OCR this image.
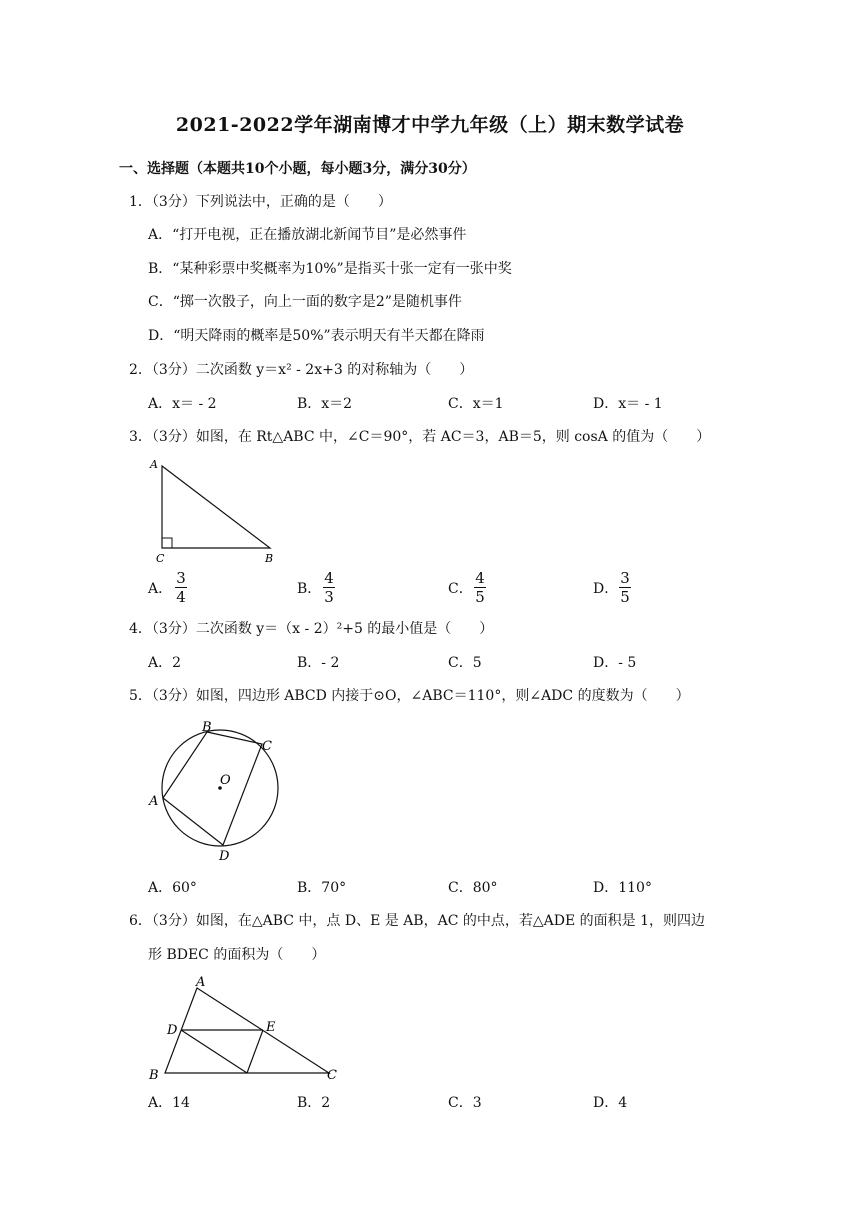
2021-2022学年湖南博才中学九年级（上）期末数学试卷
一、选择题（本题共10个小题，每小题3分，满分30分）
1．（3分）下列说法中，正确的是（　　）
A．“打开电视，正在播放湖北新闻节目”是必然事件
B．“某种彩票中奖概率为10%”是指买十张一定有一张中奖
C．“掷一次骰子，向上一面的数字是2”是随机事件
D．“明天降雨的概率是50%”表示明天有半天都在降雨
2．（3分）二次函数 y＝x² - 2x+3 的对称轴为（　　）
A．x＝ - 2	B．x＝2	C．x＝1	D．x＝ - 1
3．（3分）如图，在 Rt△ABC 中，∠C＝90°，若 AC＝3，AB＝5，则 cosA 的值为（　　）
A
C	B
A．
3
4	B．
4
3	C．
4
5	D．
3
5
4．（3分）二次函数 y＝（x - 2）²+5 的最小值是（　　）
A．2	B．- 2	C．5	D．- 5
5．（3分）如图，四边形 ABCD 内接于⊙O，∠ABC＝110°，则∠ADC 的度数为（　　）
B
C
A
D
O
A．60°	B．70°	C．80°	D．110°
6．（3分）如图，在△ABC 中，点 D、E 是 AB，AC 的中点，若△ADE 的面积是 1，则四边
形 BDEC 的面积为（　　）
A
D	E
B	C
A．14	B．2	C．3	D．4
